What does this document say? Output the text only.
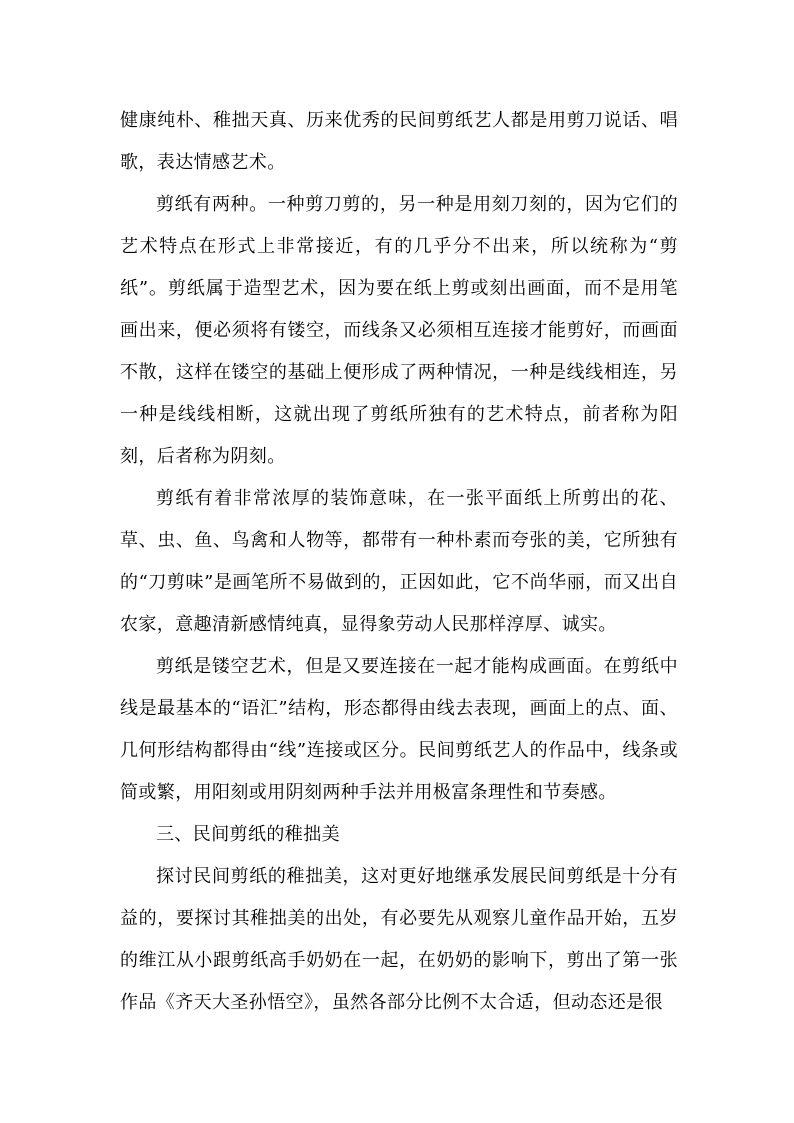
健康纯朴、稚拙天真、历来优秀的民间剪纸艺人都是用剪刀说话、唱歌，表达情感艺术。

剪纸有两种。一种剪刀剪的，另一种是用刻刀刻的，因为它们的艺术特点在形式上非常接近，有的几乎分不出来，所以统称为“剪纸”。剪纸属于造型艺术，因为要在纸上剪或刻出画面，而不是用笔画出来，便必须将有镂空，而线条又必须相互连接才能剪好，而画面不散，这样在镂空的基础上便形成了两种情况，一种是线线相连，另一种是线线相断，这就出现了剪纸所独有的艺术特点，前者称为阳刻，后者称为阴刻。

剪纸有着非常浓厚的装饰意味，在一张平面纸上所剪出的花、草、虫、鱼、鸟禽和人物等，都带有一种朴素而夸张的美，它所独有的“刀剪味”是画笔所不易做到的，正因如此，它不尚华丽，而又出自农家，意趣清新感情纯真，显得象劳动人民那样淳厚、诚实。

剪纸是镂空艺术，但是又要连接在一起才能构成画面。在剪纸中线是最基本的“语汇”结构，形态都得由线去表现，画面上的点、面、几何形结构都得由“线”连接或区分。民间剪纸艺人的作品中，线条或简或繁，用阳刻或用阴刻两种手法并用极富条理性和节奏感。

三、民间剪纸的稚拙美

探讨民间剪纸的稚拙美，这对更好地继承发展民间剪纸是十分有益的，要探讨其稚拙美的出处，有必要先从观察儿童作品开始，五岁的维江从小跟剪纸高手奶奶在一起，在奶奶的影响下，剪出了第一张作品《齐天大圣孙悟空》，虽然各部分比例不太合适，但动态还是很
